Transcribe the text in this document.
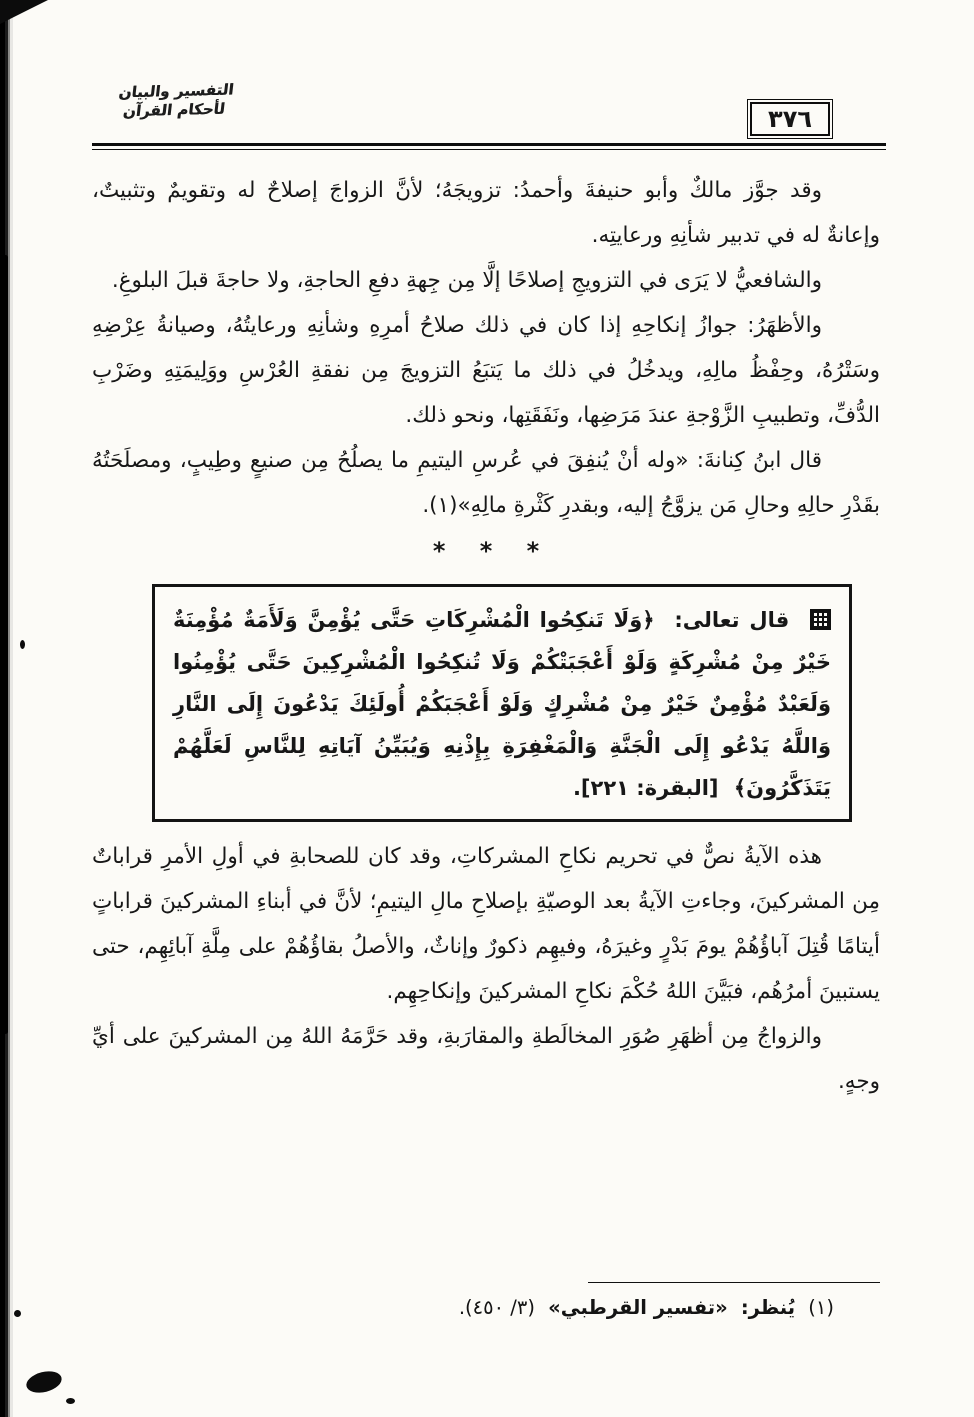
التفسير والبيان لأحكام القرآن	٣٧٦

وقد جوَّز مالكٌ وأبو حنيفةَ وأحمدُ: تزويجَهُ؛ لأنَّ الزواجَ إصلاحٌ له وتقويمٌ وتثبيتٌ، وإعانةٌ له في تدبير شأنِهِ ورعايتِه.

والشافعيُّ لا يَرَى في التزويجِ إصلاحًا إلَّا مِن جِهةِ دفعِ الحاجةِ، ولا حاجةَ قبلَ البلوغِ.

والأظهَرُ: جوازُ إنكاحِهِ إذا كان في ذلك صلاحُ أمرِهِ وشأنِهِ ورعايتُهُ، وصيانةُ عِرْضِهِ وسَتْرُهُ، وحِفْظُ مالِهِ، ويدخُلُ في ذلك ما يَتبَعُ التزويجَ مِن نفقةِ العُرْسِ ووَلِيمَتِهِ وضَرْبِ الدُّفِّ، وتطبيبِ الزَّوْجةِ عندَ مَرَضِها، ونَفَقَتِها، ونحو ذلك.

قال ابنُ كِنانةَ: «وله أنْ يُنفِقَ في عُرسِ اليتيمِ ما يصلُحُ مِن صنيعٍ وطِيبٍ، ومصلَحَتُهُ بقَدْرِ حالِهِ وحالِ مَن يزوَّجُ إليه، وبقدرِ كَثْرةِ مالِهِ»(١).

* * *
قال تعالى: ﴿وَلَا تَنكِحُوا الْمُشْرِكَاتِ حَتَّى يُؤْمِنَّ وَلَأَمَةٌ مُؤْمِنَةٌ خَيْرٌ مِنْ مُشْرِكَةٍ وَلَوْ أَعْجَبَتْكُمْ وَلَا تُنكِحُوا الْمُشْرِكِينَ حَتَّى يُؤْمِنُوا وَلَعَبْدٌ مُؤْمِنٌ خَيْرٌ مِنْ مُشْرِكٍ وَلَوْ أَعْجَبَكُمْ أُولَئِكَ يَدْعُونَ إِلَى النَّارِ وَاللَّهُ يَدْعُو إِلَى الْجَنَّةِ وَالْمَغْفِرَةِ بِإِذْنِهِ وَيُبَيِّنُ آيَاتِهِ لِلنَّاسِ لَعَلَّهُمْ يَتَذَكَّرُونَ﴾ [البقرة: ٢٢١].

هذه الآيةُ نصٌّ في تحريم نكاحِ المشركاتِ، وقد كان للصحابةِ في أولِ الأمرِ قراباتٌ مِن المشركينَ، وجاءتِ الآيةُ بعد الوصيّةِ بإصلاحِ مالِ اليتيمِ؛ لأنَّ في أبناءِ المشركينَ قراباتٍ أيتامًا قُتِلَ آباؤُهُمْ يومَ بَدْرٍ وغيرَهُ، وفيهِم ذكورٌ وإناثٌ، والأصلُ بقاؤُهُمْ على مِلَّةِ آبائِهِم، حتى يستبينَ أمرُهُم، فبَيَّنَ اللهُ حُكْمَ نكاحِ المشركينَ وإنكاحِهِم.

والزواجُ مِن أظهَرِ صُوَرِ المخالَطةِ والمقارَبةِ، وقد حَرَّمَهُ اللهُ مِن المشركينَ على أيِّ وجهٍ.

(١) يُنظر: «تفسير القرطبي» (٣/ ٤٥٠).
